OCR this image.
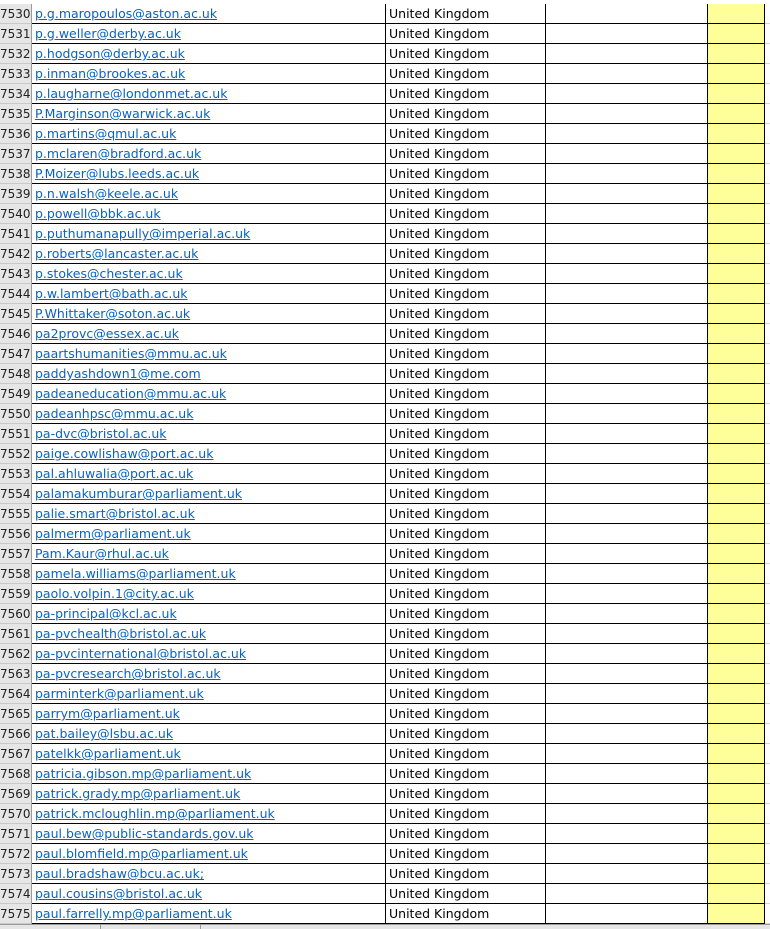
7530 p.g.maropoulos@aston.ac.uk	United Kingdom
7531 p.g.weller@derby.ac.uk	United Kingdom
7532 p.hodgson@derby.ac.uk	United Kingdom
7533 p.inman@brookes.ac.uk	United Kingdom
7534 p.laugharne@londonmet.ac.uk	United Kingdom
7535 P.Marginson@warwick.ac.uk	United Kingdom
7536 p.martins@qmul.ac.uk	United Kingdom
7537 p.mclaren@bradford.ac.uk	United Kingdom
7538 P.Moizer@lubs.leeds.ac.uk	United Kingdom
7539 p.n.walsh@keele.ac.uk	United Kingdom
7540 p.powell@bbk.ac.uk	United Kingdom
7541 p.puthumanapully@imperial.ac.uk	United Kingdom
7542 p.roberts@lancaster.ac.uk	United Kingdom
7543 p.stokes@chester.ac.uk	United Kingdom
7544 p.w.lambert@bath.ac.uk	United Kingdom
7545 P.Whittaker@soton.ac.uk	United Kingdom
7546 pa2provc@essex.ac.uk	United Kingdom
7547 paartshumanities@mmu.ac.uk	United Kingdom
7548 paddyashdown1@me.com	United Kingdom
7549 padeaneducation@mmu.ac.uk	United Kingdom
7550 padeanhpsc@mmu.ac.uk	United Kingdom
7551 pa-dvc@bristol.ac.uk	United Kingdom
7552 paige.cowlishaw@port.ac.uk	United Kingdom
7553 pal.ahluwalia@port.ac.uk	United Kingdom
7554 palamakumburar@parliament.uk	United Kingdom
7555 palie.smart@bristol.ac.uk	United Kingdom
7556 palmerm@parliament.uk	United Kingdom
7557 Pam.Kaur@rhul.ac.uk	United Kingdom
7558 pamela.williams@parliament.uk	United Kingdom
7559 paolo.volpin.1@city.ac.uk	United Kingdom
7560 pa-principal@kcl.ac.uk	United Kingdom
7561 pa-pvchealth@bristol.ac.uk	United Kingdom
7562 pa-pvcinternational@bristol.ac.uk	United Kingdom
7563 pa-pvcresearch@bristol.ac.uk	United Kingdom
7564 parminterk@parliament.uk	United Kingdom
7565 parrym@parliament.uk	United Kingdom
7566 pat.bailey@lsbu.ac.uk	United Kingdom
7567 patelkk@parliament.uk	United Kingdom
7568 patricia.gibson.mp@parliament.uk	United Kingdom
7569 patrick.grady.mp@parliament.uk	United Kingdom
7570 patrick.mcloughlin.mp@parliament.uk	United Kingdom
7571 paul.bew@public-standards.gov.uk	United Kingdom
7572 paul.blomfield.mp@parliament.uk	United Kingdom
7573 paul.bradshaw@bcu.ac.uk;	United Kingdom
7574 paul.cousins@bristol.ac.uk	United Kingdom
7575 paul.farrelly.mp@parliament.uk	United Kingdom
